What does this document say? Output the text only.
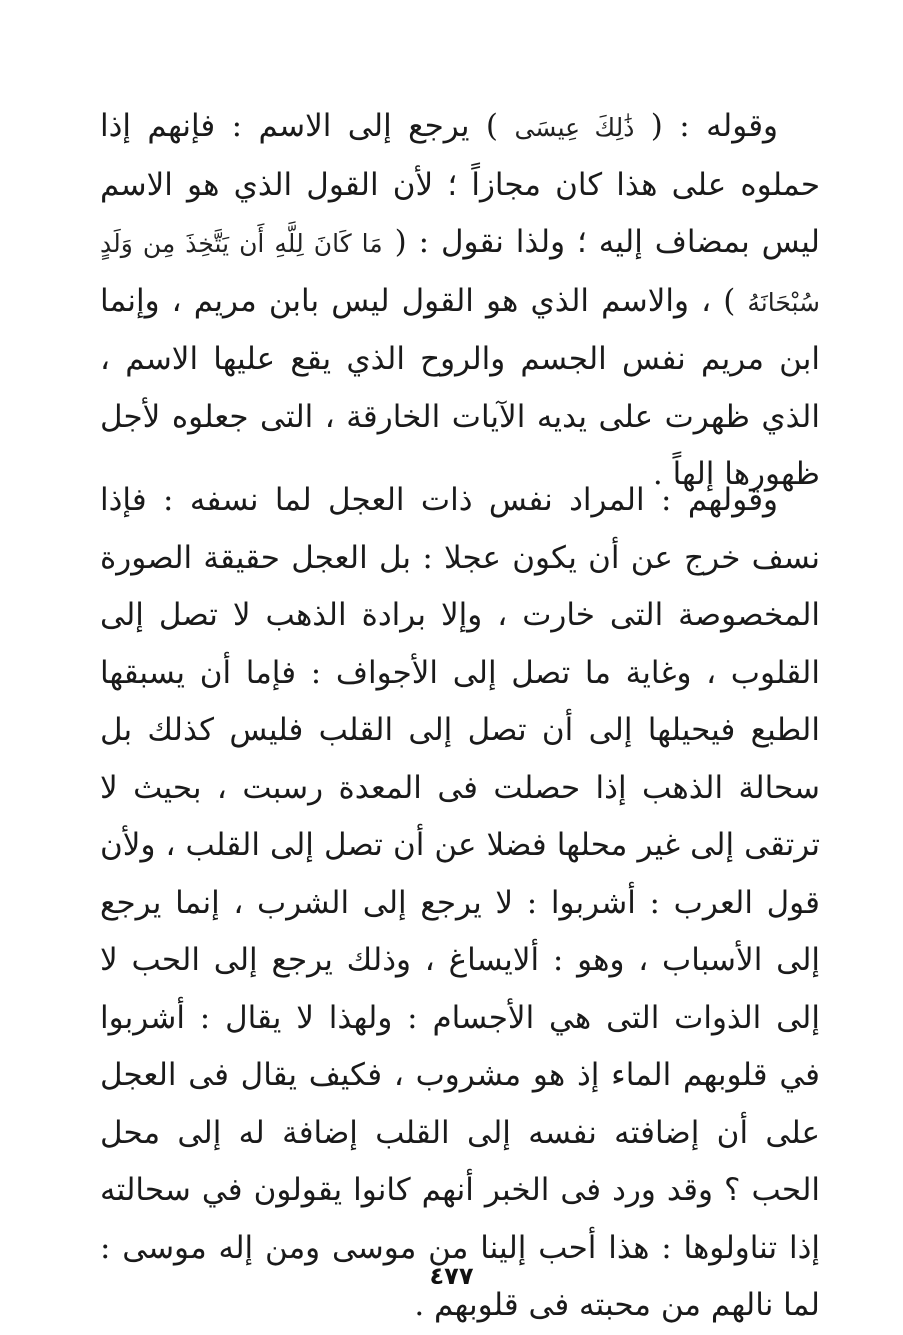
وقوله : ( ذَٰلِكَ عِيسَى ) يرجع إلى الاسم : فإنهم إذا حملوه على هذا كان مجازاً ؛ لأن القول الذي هو الاسم ليس بمضاف إليه ؛ ولذا نقول : ( مَا كَانَ لِلَّهِ أَن يَتَّخِذَ مِن وَلَدٍ سُبْحَانَهُ ) ، والاسم الذي هو القول ليس بابن مريم ، وإنما ابن مريم نفس الجسم والروح الذي يقع عليها الاسم ، الذي ظهرت على يديه الآيات الخارقة ، التى جعلوه لأجل ظهورها إلهاً .

وقولهم : المراد نفس ذات العجل لما نسفه : فإذا نسف خرج عن أن يكون عجلا : بل العجل حقيقة الصورة المخصوصة التى خارت ، وإلا برادة الذهب لا تصل إلى القلوب ، وغاية ما تصل إلى الأجواف : فإما أن يسبقها الطبع فيحيلها إلى أن تصل إلى القلب فليس كذلك بل سحالة الذهب إذا حصلت فى المعدة رسبت ، بحيث لا ترتقى إلى غير محلها فضلا عن أن تصل إلى القلب ، ولأن قول العرب : أشربوا : لا يرجع إلى الشرب ، إنما يرجع إلى الأسباب ، وهو : ألايساغ ، وذلك يرجع إلى الحب لا إلى الذوات التى هي الأجسام : ولهذا لا يقال : أشربوا في قلوبهم الماء إذ هو مشروب ، فكيف يقال فى العجل على أن إضافته نفسه إلى القلب إضافة له إلى محل الحب ؟ وقد ورد فى الخبر أنهم كانوا يقولون في سحالته إذا تناولوها : هذا أحب إلينا من موسى ومن إله موسى : لما نالهم من محبته فى قلوبهم .

٤٧٧
